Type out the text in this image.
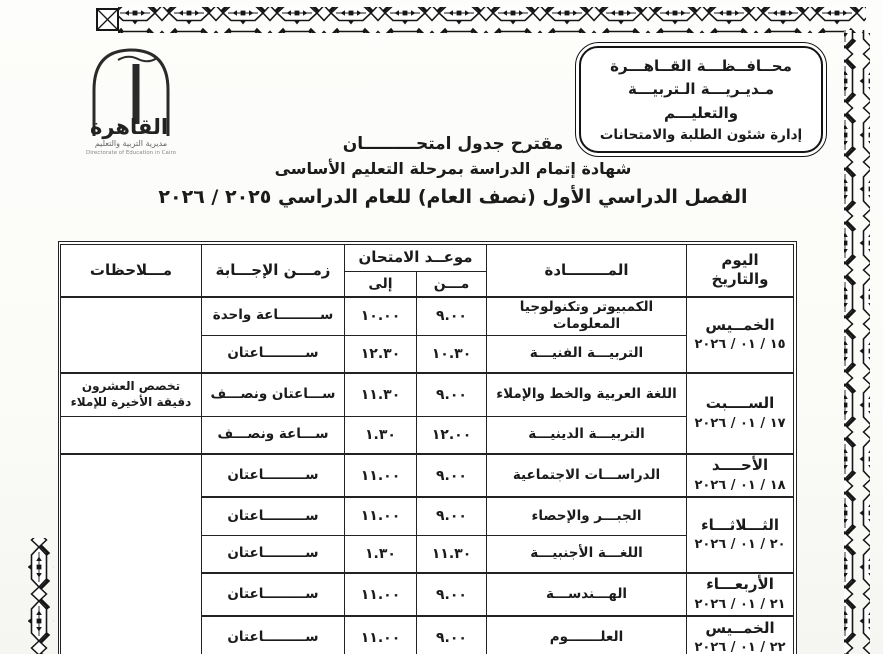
محــافــظـــة القــاهـــرة
مـديـريـــة الـتربيـــة والتعليـــم
إدارة شئون الطلبة والامتحانات
القاهرة
مديرية التربية والتعليم
Directorate of Education in Cairo	مقترح جدول امتحـــــــــان
شهادة إتمام الدراسة بمرحلة التعليم الأساسى
الفصل الدراسي الأول (نصف العام) للعام الدراسي ٢٠٢٥ / ٢٠٢٦
اليوم والتاريخ	المــــــــادة	موعــد الامتحان		زمـــن الإجـــابة	مـــلاحظات
		مـــن	إلى		

الخمــيس
١٥ / ٠١ / ٢٠٢٦	الكمبيوتر وتكنولوجيا المعلومات	٩.٠٠	١٠.٠٠	ســـــــــاعة واحدة	
	التربيـــة الفنيـــة	١٠.٣٠	١٢.٣٠	ســـــــــاعتان	

الســــبت
١٧ / ٠١ / ٢٠٢٦	اللغة العربية والخط والإملاء	٩.٠٠	١١.٣٠	ســـاعتان ونصـــف	تخصص العشرون دقيقة الأخيرة للإملاء
	التربيـــة الدينيـــة	١٢.٠٠	١.٣٠	ســـاعة ونصـــف	

الأحــــد
١٨ / ٠١ / ٢٠٢٦	الدراســـات الاجتماعية	٩.٠٠	١١.٠٠	ســـــــــاعتان	

الثـــلاثـــاء
٢٠ / ٠١ / ٢٠٢٦	الجبـــر والإحصاء	٩.٠٠	١١.٠٠	ســـــــــاعتان	
	اللغـــة الأجنبيـــة	١١.٣٠	١.٣٠	ســـــــــاعتان	

الأربعـــاء
٢١ / ٠١ / ٢٠٢٦	الهـــندســـة	٩.٠٠	١١.٠٠	ســـــــــاعتان	

الخمــيس
٢٢ / ٠١ / ٢٠٢٦	العلـــــــوم	٩.٠٠	١١.٠٠	ســـــــــاعتان	
